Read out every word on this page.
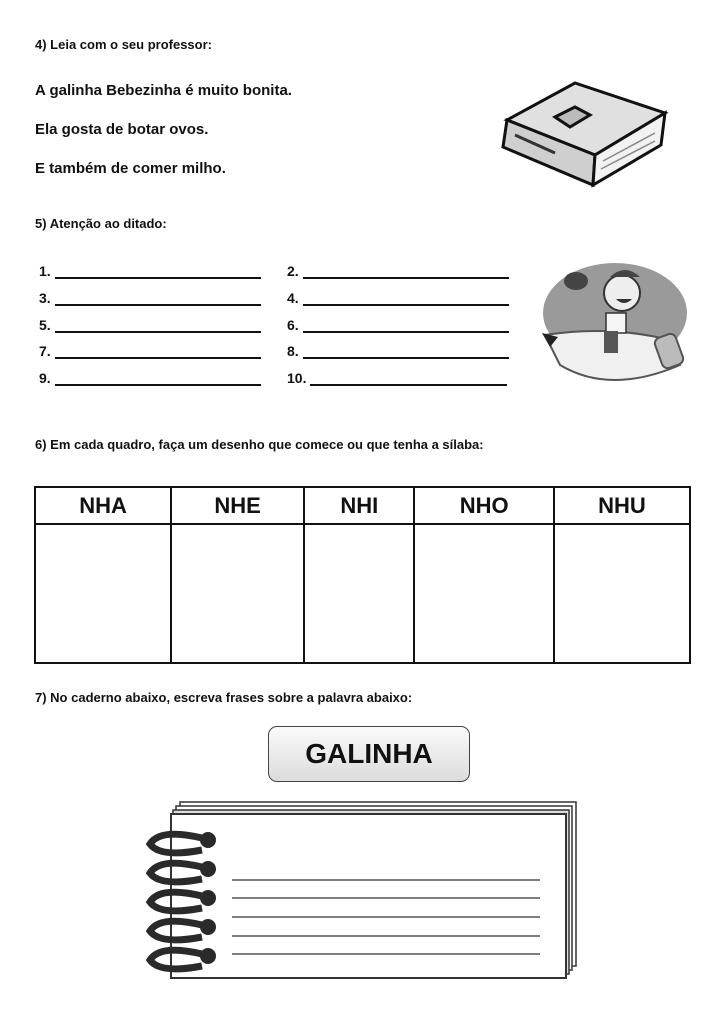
4) Leia com o seu professor:
A galinha Bebezinha é muito bonita.
Ela gosta de botar ovos.
E também de comer milho.
5) Atenção ao ditado:
1.	2.
3.	4.
5.	6.
7.	8.
9.	10.
6) Em cada quadro, faça um desenho que comece ou que tenha a sílaba:
NHA	NHE	NHI	NHO	NHU

7) No caderno abaixo, escreva frases sobre a palavra abaixo:
GALINHA
